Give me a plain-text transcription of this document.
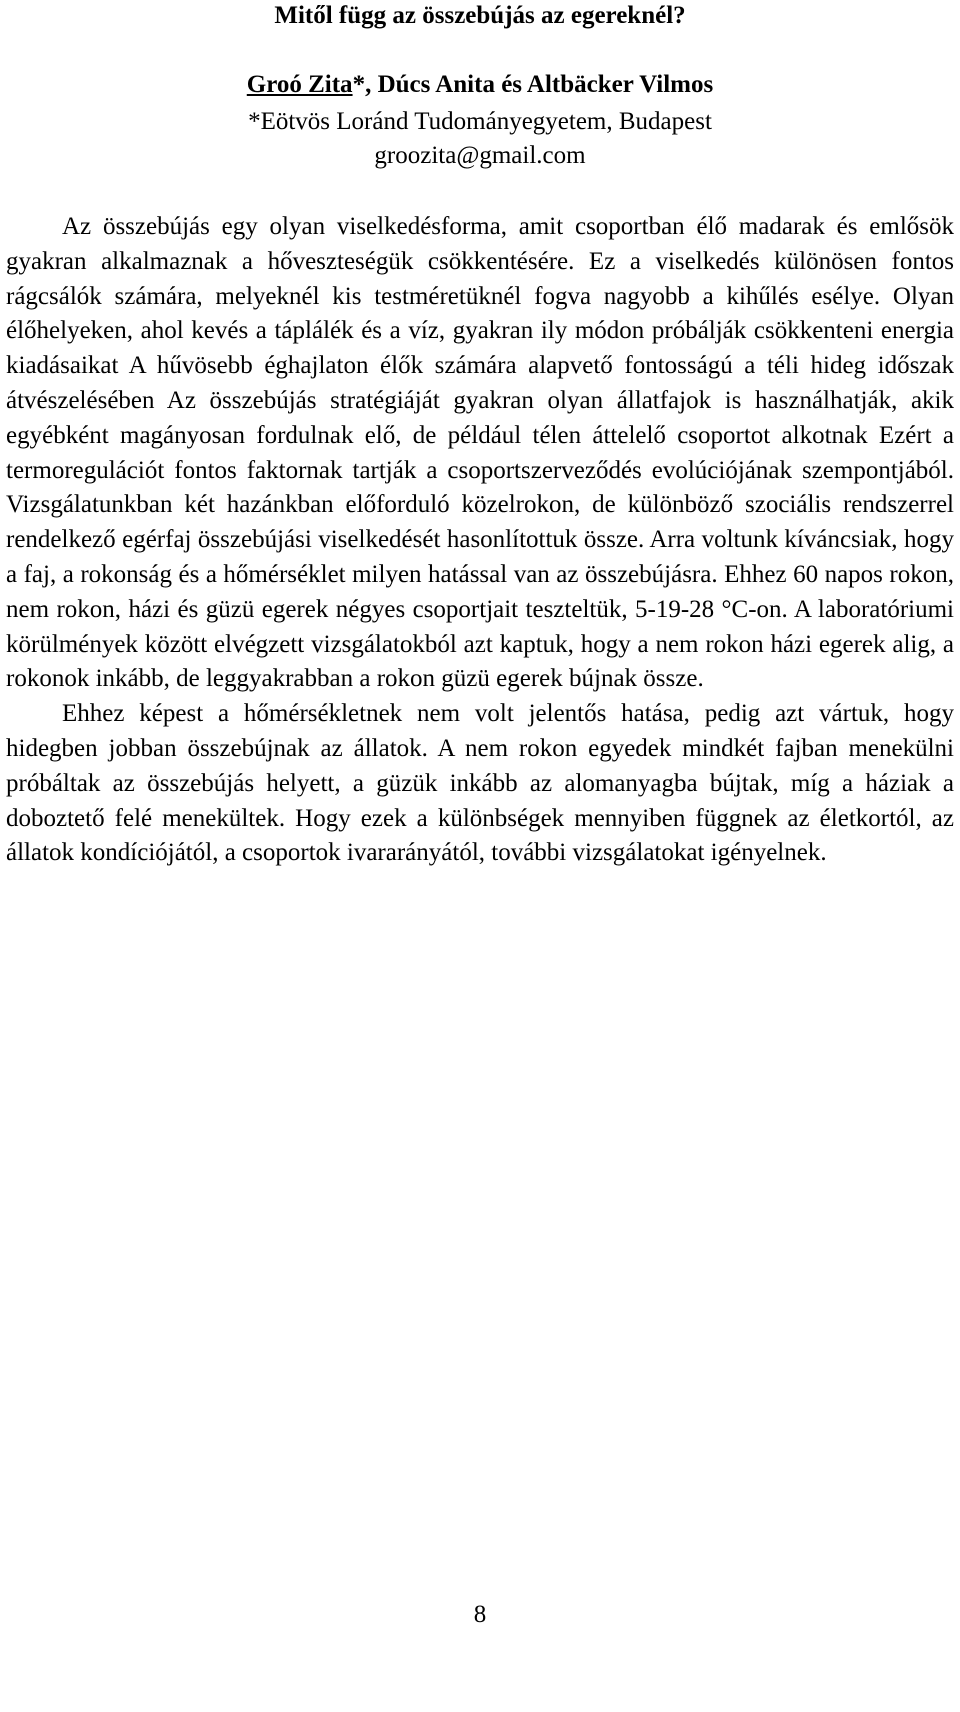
Mitől függ az összebújás az egereknél?
Groó Zita*, Dúcs Anita és Altbäcker Vilmos
*Eötvös Loránd Tudományegyetem, Budapest
groozita@gmail.com

Az összebújás egy olyan viselkedésforma, amit csoportban élő madarak és emlősök gyakran alkalmaznak a hőveszteségük csökkentésére. Ez a viselkedés különösen fontos rágcsálók számára, melyeknél kis testméretüknél fogva nagyobb a kihűlés esélye. Olyan élőhelyeken, ahol kevés a táplálék és a víz, gyakran ily módon próbálják csökkenteni energia kiadásaikat A hűvösebb éghajlaton élők számára alapvető fontosságú a téli hideg időszak átvészelésében Az összebújás stratégiáját gyakran olyan állatfajok is használhatják, akik egyébként magányosan fordulnak elő, de például télen áttelelő csoportot alkotnak Ezért a termoregulációt fontos faktornak tartják a csoportszerveződés evolúciójának szempontjából. Vizsgálatunkban két hazánkban előforduló közelrokon, de különböző szociális rendszerrel rendelkező egérfaj összebújási viselkedését hasonlítottuk össze. Arra voltunk kíváncsiak, hogy a faj, a rokonság és a hőmérséklet milyen hatással van az összebújásra. Ehhez 60 napos rokon, nem rokon, házi és güzü egerek négyes csoportjait teszteltük, 5-19-28 °C-on. A laboratóriumi körülmények között elvégzett vizsgálatokból azt kaptuk, hogy a nem rokon házi egerek alig, a rokonok inkább, de leggyakrabban a rokon güzü egerek bújnak össze.

Ehhez képest a hőmérsékletnek nem volt jelentős hatása, pedig azt vártuk, hogy hidegben jobban összebújnak az állatok. A nem rokon egyedek mindkét fajban menekülni próbáltak az összebújás helyett, a güzük inkább az alomanyagba bújtak, míg a háziak a doboztető felé menekültek. Hogy ezek a különbségek mennyiben függnek az életkortól, az állatok kondíciójától, a csoportok ivararányától, további vizsgálatokat igényelnek.

8
